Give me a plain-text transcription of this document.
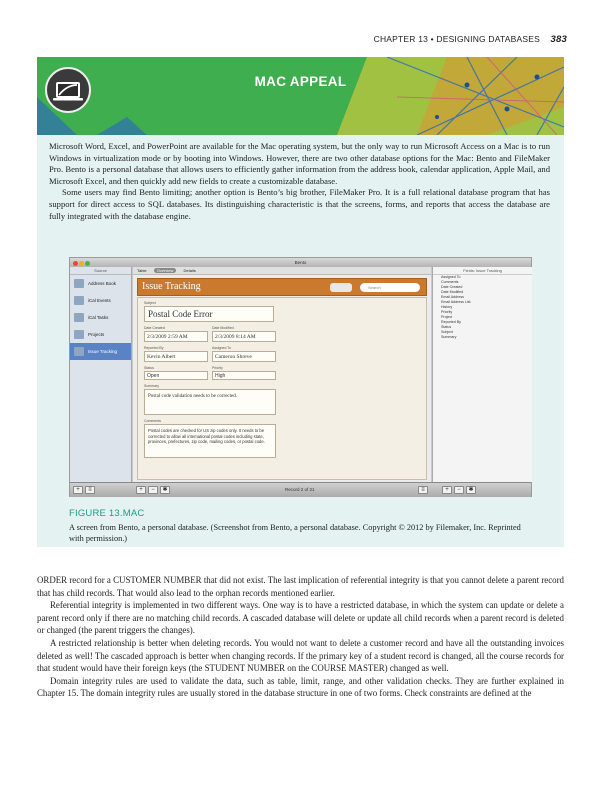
CHAPTER 13 • DESIGNING DATABASES 383
MAC APPEAL

Microsoft Word, Excel, and PowerPoint are available for the Mac operating system, but the only way to run Microsoft Access on a Mac is to run Windows in virtualization mode or by booting into Windows. However, there are two other database options for the Mac: Bento and FileMaker Pro. Bento is a personal database that allows users to efficiently gather information from the address book, calendar application, Apple Mail, and Microsoft Excel, and then quickly add new fields to create a customizable database.

Some users may find Bento limiting; another option is Bento’s big brother, FileMaker Pro. It is a full relational database program that has support for direct access to SQL databases. Its distinguishing characteristic is that the screens, forms, and reports that access the database are fully integrated with the database engine.

Bento
Source
Address Book
iCal Events
iCal Tasks
Projects
Issue Tracking
Table	Overview	Details
Issue Tracking	Search
Subject
Postal Code Error
Date Created
2/3/2009 2:59 AM
Date Modified
2/3/2009 8:14 AM
Reported By
Kevin Albert
Assigned To
Cameron Shreve
Status
Open
Priority
High
Summary
Postal code validation needs to be corrected.
Comments
Postal codes are checked for US zip codes only. It needs to be corrected to allow all international postal codes including state, provinces, prefectures, zip code, mailing codes, or postal code.
Fields: Issue Tracking
Assigned To
Comments
Date Created
Date Modified
Email Address
Email Address List
History
Priority
Project
Reported By
Status
Subject
Summary
+	≡	+	−	✱	Record 2 of 21	≡	+	−	✱
FIGURE 13.MAC
A screen from Bento, a personal database. (Screenshot from Bento, a personal database. Copyright © 2012 by Filemaker, Inc. Reprinted with permission.)

ORDER record for a CUSTOMER NUMBER that did not exist. The last implication of referential integrity is that you cannot delete a parent record that has child records. That would also lead to the orphan records mentioned earlier.

Referential integrity is implemented in two different ways. One way is to have a restricted database, in which the system can update or delete a parent record only if there are no matching child records. A cascaded database will delete or update all child records when a parent record is deleted or changed (the parent triggers the changes).

A restricted relationship is better when deleting records. You would not want to delete a customer record and have all the outstanding invoices deleted as well! The cascaded approach is better when changing records. If the primary key of a student record is changed, all the course records for that student would have their foreign keys (the STUDENT NUMBER on the COURSE MASTER) changed as well.

Domain integrity rules are used to validate the data, such as table, limit, range, and other validation checks. They are further explained in Chapter 15. The domain integrity rules are usually stored in the database structure in one of two forms. Check constraints are defined at the
